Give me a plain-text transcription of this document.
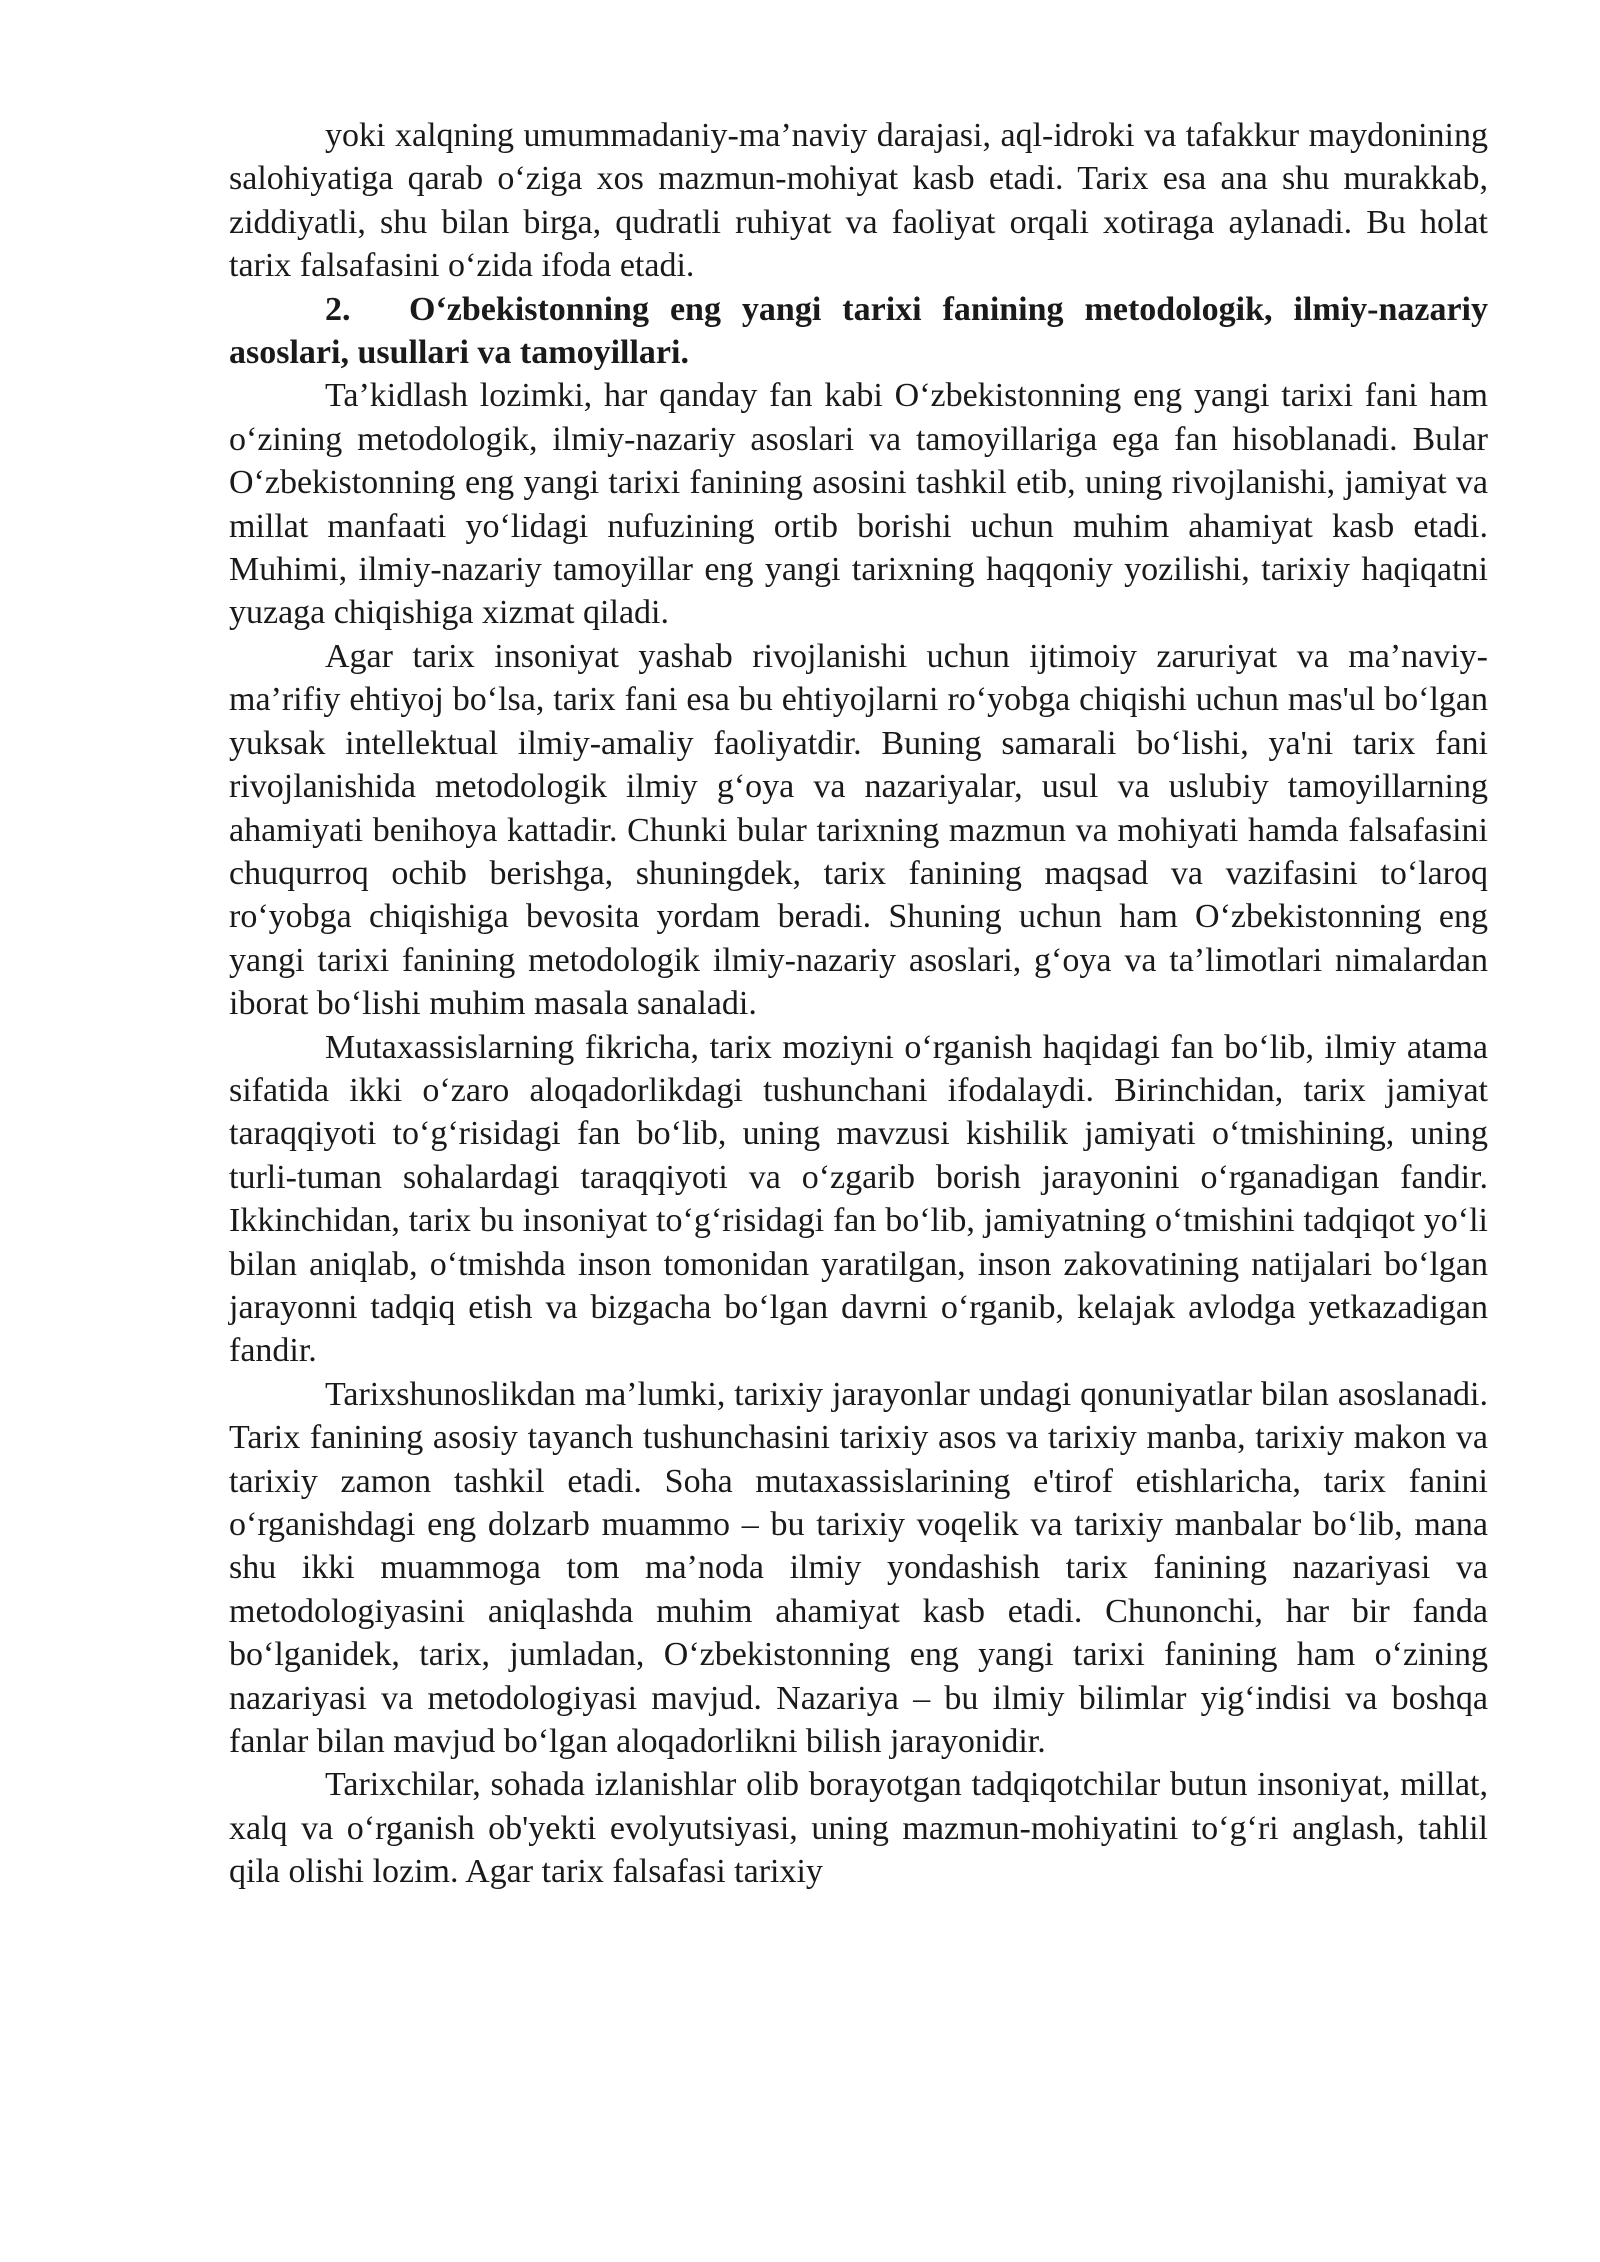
yoki xalqning umummadaniy-ma’naviy darajasi, aql-idroki va tafakkur maydonining salohiyatiga qarab o‘ziga xos mazmun-mohiyat kasb etadi. Tarix esa ana shu murakkab, ziddiyatli, shu bilan birga, qudratli ruhiyat va faoliyat orqali xotiraga aylanadi. Bu holat tarix falsafasini o‘zida ifoda etadi.

2. O‘zbekistonning eng yangi tarixi fanining metodologik, ilmiy-nazariy asoslari, usullari va tamoyillari.

Ta’kidlash lozimki, har qanday fan kabi O‘zbekistonning eng yangi tarixi fani ham o‘zining metodologik, ilmiy-nazariy asoslari va tamoyillariga ega fan hisoblanadi. Bular O‘zbekistonning eng yangi tarixi fanining asosini tashkil etib, uning rivojlanishi, jamiyat va millat manfaati yo‘lidagi nufuzining ortib borishi uchun muhim ahamiyat kasb etadi. Muhimi, ilmiy-nazariy tamoyillar eng yangi tarixning haqqoniy yozilishi, tarixiy haqiqatni yuzaga chiqishiga xizmat qiladi.

Agar tarix insoniyat yashab rivojlanishi uchun ijtimoiy zaruriyat va ma’naviy-ma’rifiy ehtiyoj bo‘lsa, tarix fani esa bu ehtiyojlarni ro‘yobga chiqishi uchun mas'ul bo‘lgan yuksak intellektual ilmiy-amaliy faoliyatdir. Buning samarali bo‘lishi, ya'ni tarix fani rivojlanishida metodologik ilmiy g‘oya va nazariyalar, usul va uslubiy tamoyillarning ahamiyati benihoya kattadir. Chunki bular tarixning mazmun va mohiyati hamda falsafasini chuqurroq ochib berishga, shuningdek, tarix fanining maqsad va vazifasini to‘laroq ro‘yobga chiqishiga bevosita yordam beradi. Shuning uchun ham O‘zbekistonning eng yangi tarixi fanining metodologik ilmiy-nazariy asoslari, g‘oya va ta’limotlari nimalardan iborat bo‘lishi muhim masala sanaladi.

Mutaxassislarning fikricha, tarix moziyni o‘rganish haqidagi fan bo‘lib, ilmiy atama sifatida ikki o‘zaro aloqadorlikdagi tushunchani ifodalaydi. Birinchidan, tarix jamiyat taraqqiyoti to‘g‘risidagi fan bo‘lib, uning mavzusi kishilik jamiyati o‘tmishining, uning turli-tuman sohalardagi taraqqiyoti va o‘zgarib borish jarayonini o‘rganadigan fandir. Ikkinchidan, tarix bu insoniyat to‘g‘risidagi fan bo‘lib, jamiyatning o‘tmishini tadqiqot yo‘li bilan aniqlab, o‘tmishda inson tomonidan yaratilgan, inson zakovatining natijalari bo‘lgan jarayonni tadqiq etish va bizgacha bo‘lgan davrni o‘rganib, kelajak avlodga yetkazadigan fandir.

Tarixshunoslikdan ma’lumki, tarixiy jarayonlar undagi qonuniyatlar bilan asoslanadi. Tarix fanining asosiy tayanch tushunchasini tarixiy asos va tarixiy manba, tarixiy makon va tarixiy zamon tashkil etadi. Soha mutaxassislarining e'tirof etishlaricha, tarix fanini o‘rganishdagi eng dolzarb muammo – bu tarixiy voqelik va tarixiy manbalar bo‘lib, mana shu ikki muammoga tom ma’noda ilmiy yondashish tarix fanining nazariyasi va metodologiyasini aniqlashda muhim ahamiyat kasb etadi. Chunonchi, har bir fanda bo‘lganidek, tarix, jumladan, O‘zbekistonning eng yangi tarixi fanining ham o‘zining nazariyasi va metodologiyasi mavjud. Nazariya – bu ilmiy bilimlar yig‘indisi va boshqa fanlar bilan mavjud bo‘lgan aloqadorlikni bilish jarayonidir.

Tarixchilar, sohada izlanishlar olib borayotgan tadqiqotchilar butun insoniyat, millat, xalq va o‘rganish ob'yekti evolyutsiyasi, uning mazmun-mohiyatini to‘g‘ri anglash, tahlil qila olishi lozim. Agar tarix falsafasi tarixiy
